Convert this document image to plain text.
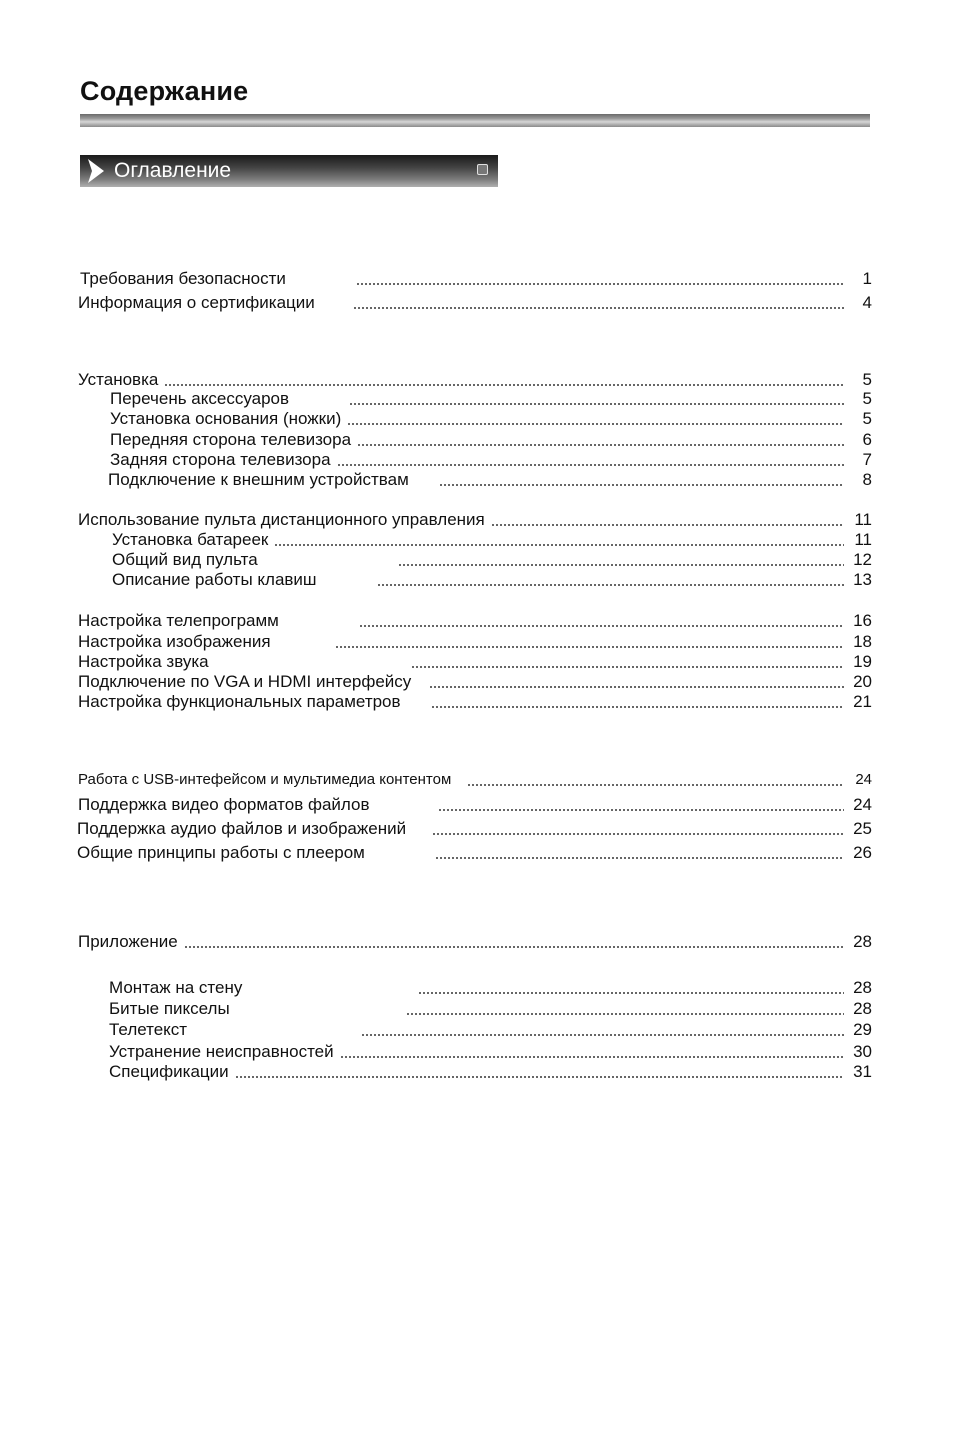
Содержание
Оглавление
Требования безопасности	1
Информация о сертификации	4
Установка	5
Перечень аксессуаров	5
Установка основания (ножки)	5
Передняя сторона телевизора	6
Задняя сторона телевизора	7
Подключение к внешним устройствам	8
Использование пульта дистанционного управления	11
Установка батареек	11
Общий вид пульта	12
Описание работы клавиш	13
Настройка телепрограмм	16
Настройка изображения	18
Настройка звука	19
Подключение по VGA и HDMI интерфейсу	20
Настройка функциональных параметров	21
Работа с USB-интефейсом и мультимедиа контентом	24
Поддержка видео форматов файлов	24
Поддержка аудио файлов и изображений	25
Общие принципы работы с плеером	26
Приложение	28
Монтаж на стену	28
Битые пикселы	28
Телетекст	29
Устранение неисправностей	30
Спецификации	31
